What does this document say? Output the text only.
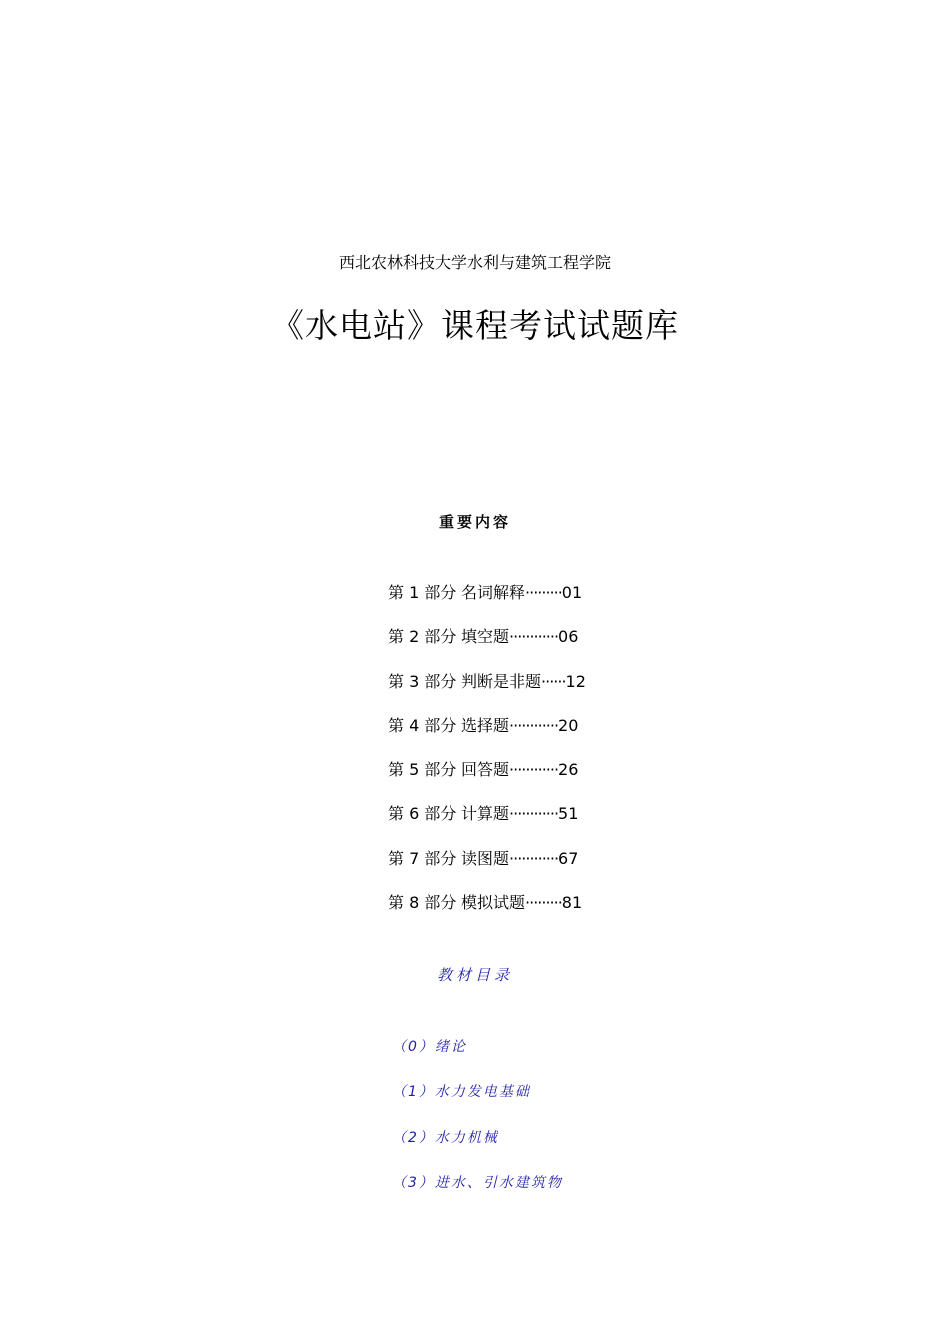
西北农林科技大学水利与建筑工程学院
《水电站》课程考试试题库
重要内容
第 1 部分 名词解释·········01
第 2 部分 填空题············06
第 3 部分 判断是非题······12
第 4 部分 选择题············20
第 5 部分 回答题············26
第 6 部分 计算题············51
第 7 部分 读图题············67
第 8 部分 模拟试题·········81
教材目录
（0）绪论
（1）水力发电基础
（2）水力机械
（3）进水、引水建筑物
